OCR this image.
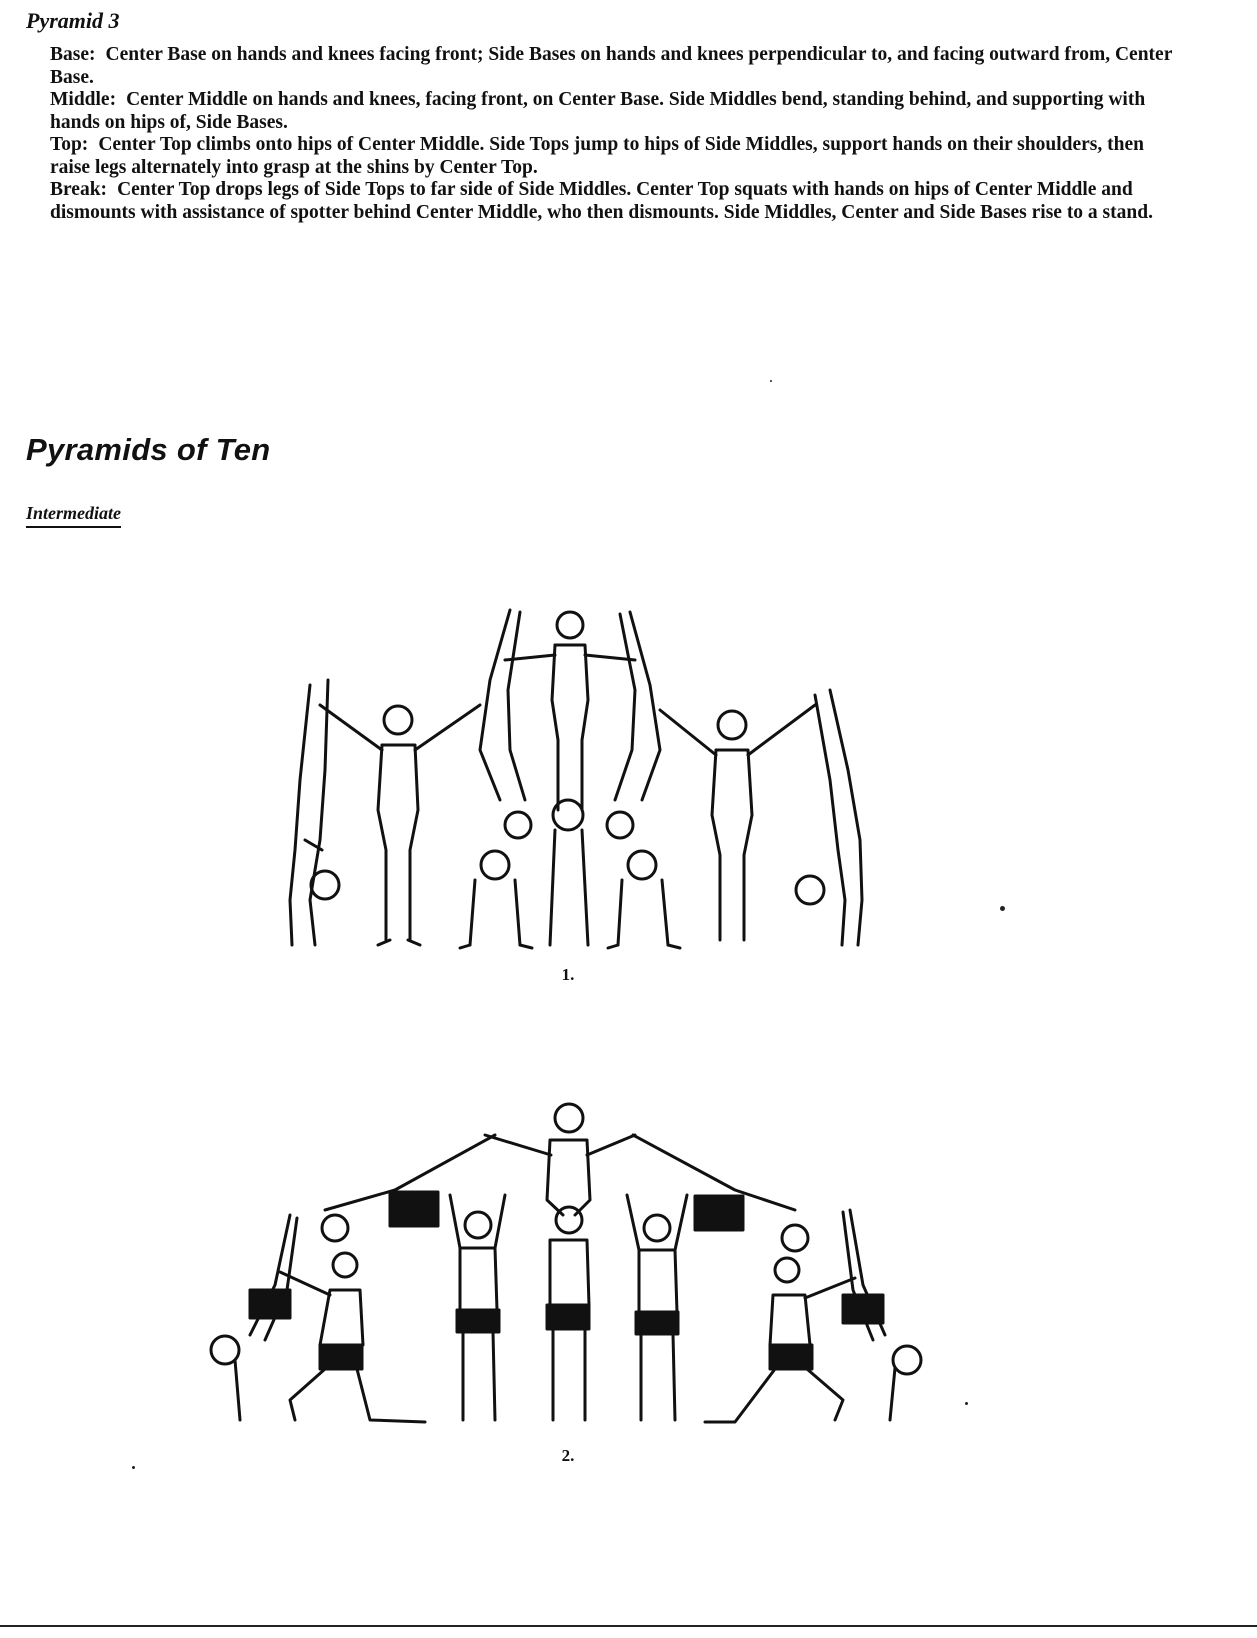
Pyramid 3

Base: Center Base on hands and knees facing front; Side Bases on hands and knees perpendicular to, and facing outward from, Center Base.

Middle: Center Middle on hands and knees, facing front, on Center Base. Side Middles bend, standing behind, and supporting with hands on hips of, Side Bases.

Top: Center Top climbs onto hips of Center Middle. Side Tops jump to hips of Side Middles, support hands on their shoulders, then raise legs alternately into grasp at the shins by Center Top.

Break: Center Top drops legs of Side Tops to far side of Side Middles. Center Top squats with hands on hips of Center Middle and dismounts with assistance of spotter behind Center Middle, who then dismounts. Side Middles, Center and Side Bases rise to a stand.

Pyramids of Ten
Intermediate
1.
2.
